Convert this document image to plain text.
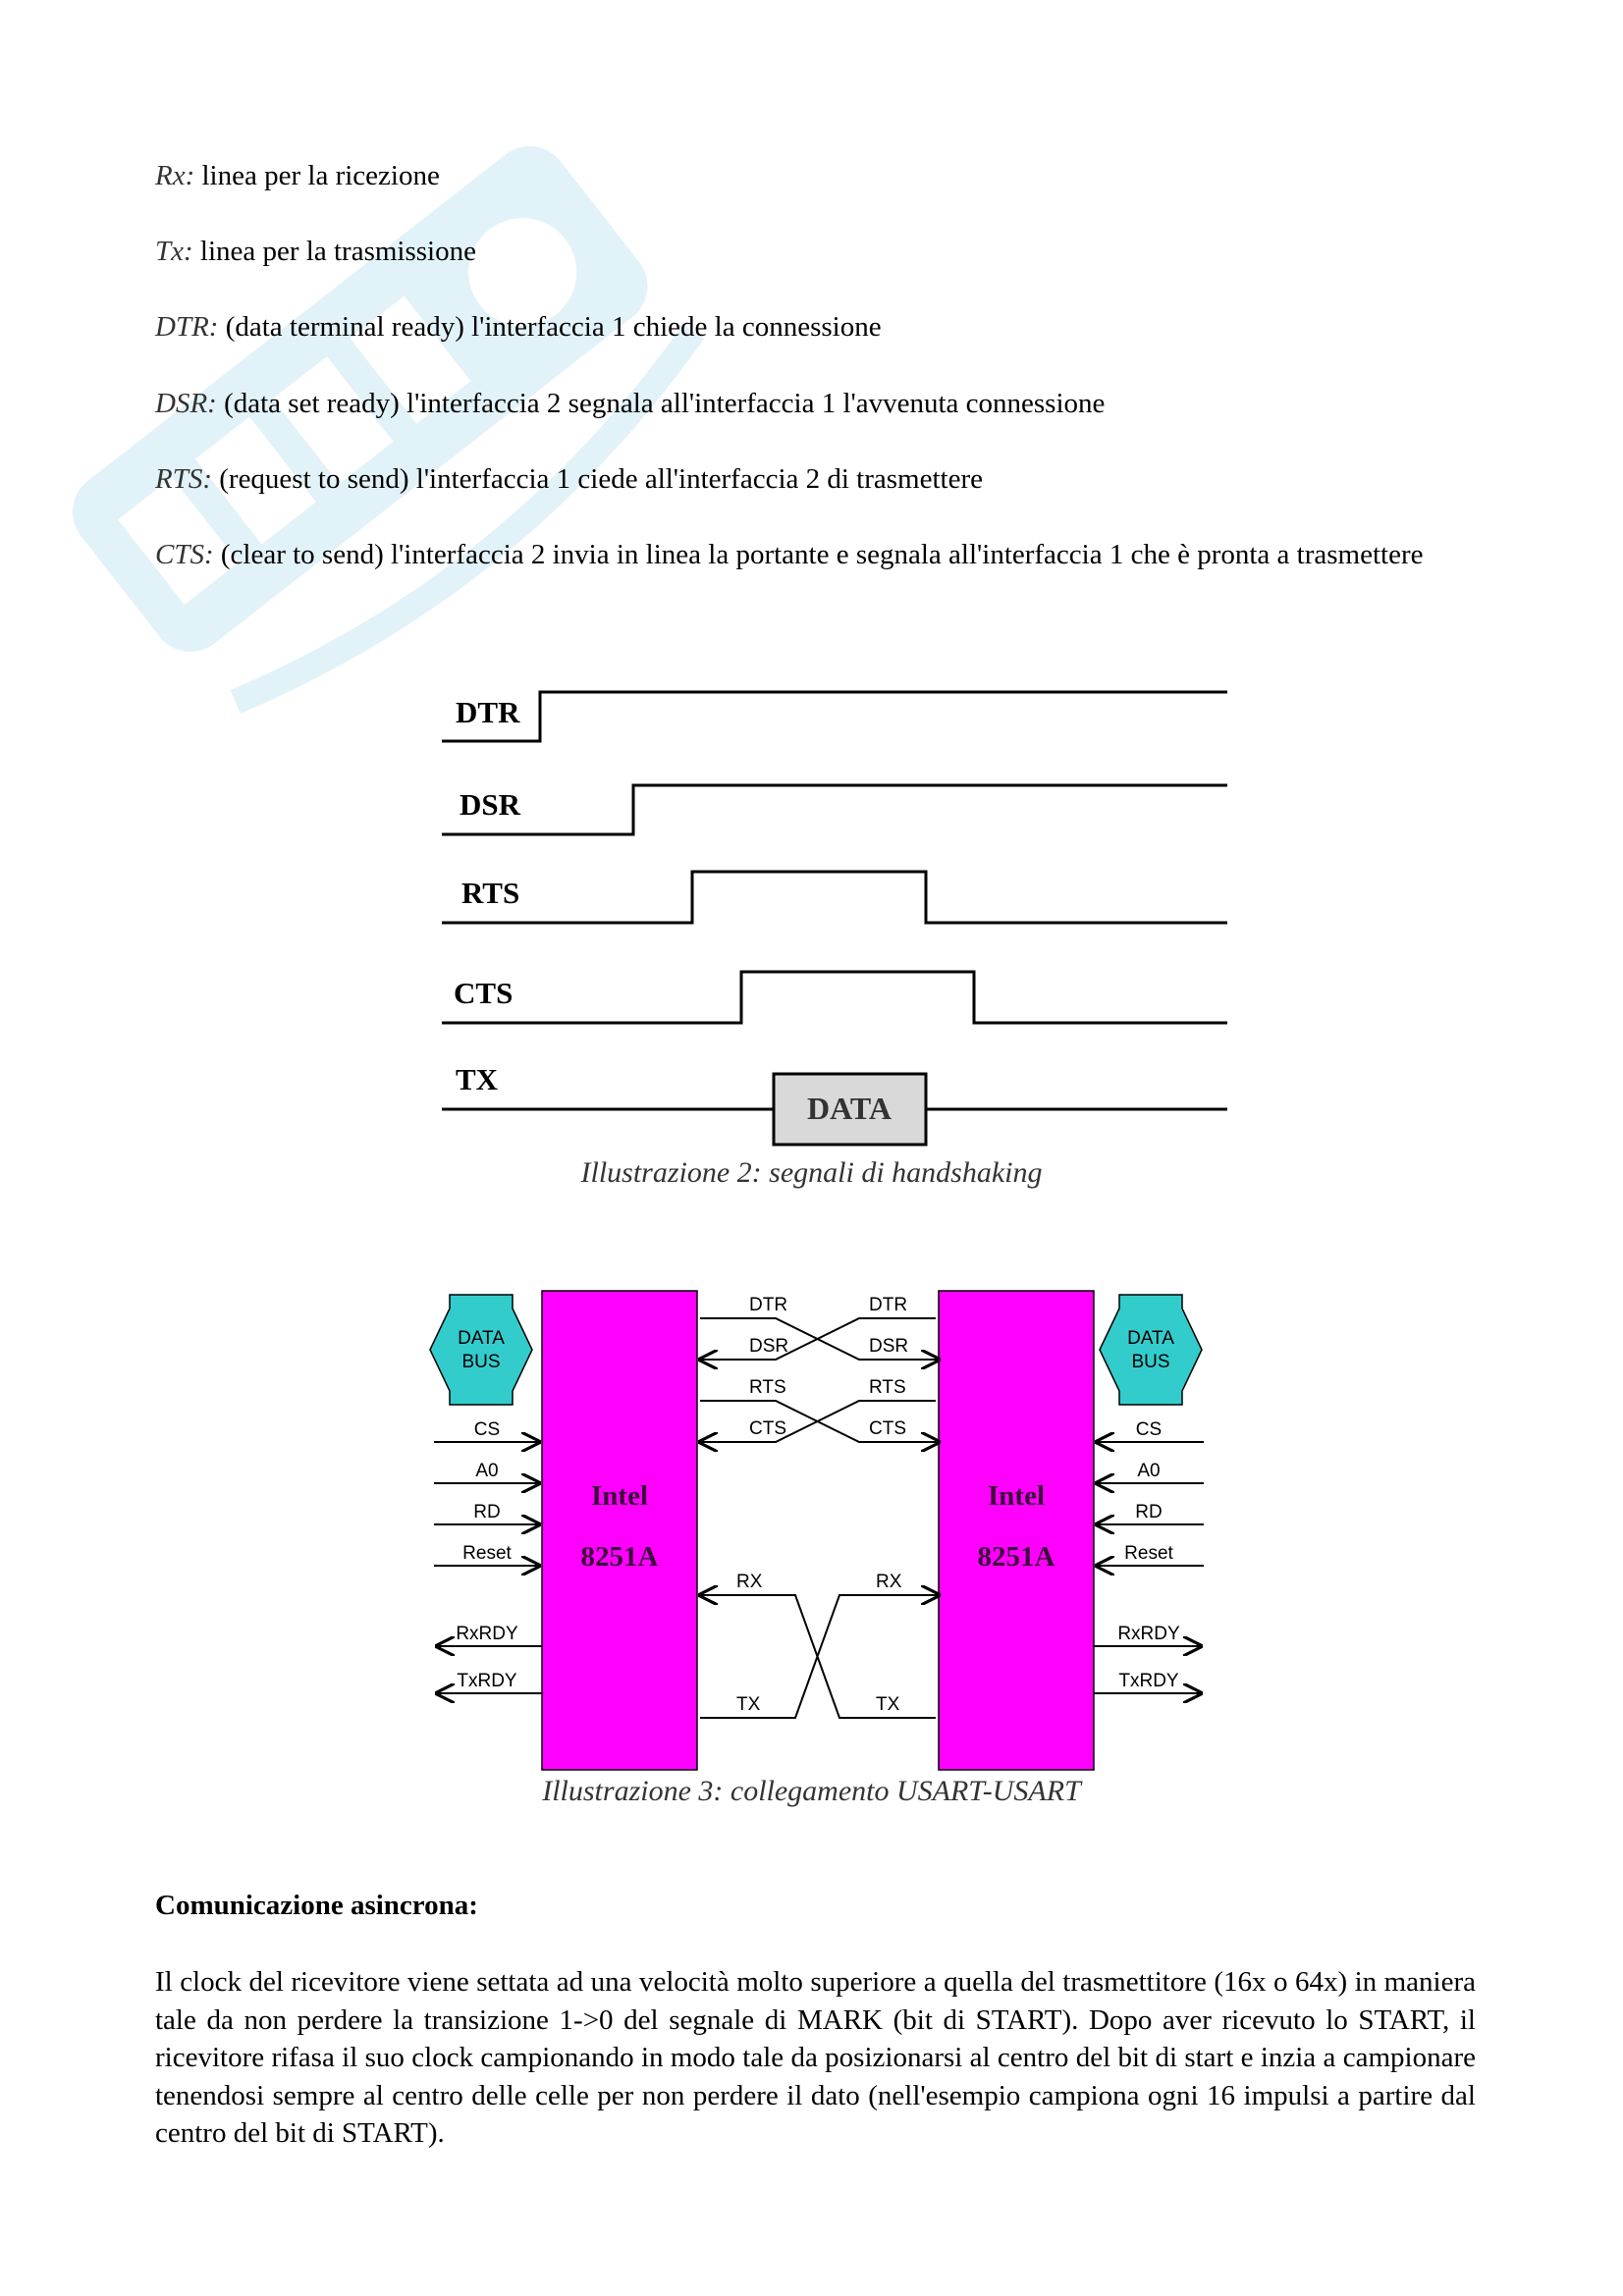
Rx: linea per la ricezione

Tx: linea per la trasmissione

DTR: (data terminal ready) l'interfaccia 1 chiede la connessione

DSR: (data set ready) l'interfaccia 2 segnala all'interfaccia 1 l'avvenuta connessione

RTS: (request to send) l'interfaccia 1 ciede all'interfaccia 2 di trasmettere

CTS: (clear to send) l'interfaccia 2 invia in linea la portante e segnala all'interfaccia 1 che è pronta a trasmettere

DTR
DSR
RTS
CTS
TX
DATA
Illustrazione 2: segnali di handshaking
DATA
BUS
DATA
BUS
Intel
8251A
Intel
8251A
DTR
DSR
RTS
CTS
DTR
DSR
RTS
CTS
RX
TX
RX
TX
CS
A0
RD
Reset
RxRDY
TxRDY
CS
A0
RD
Reset
RxRDY
TxRDY
Illustrazione 3: collegamento USART-USART
Comunicazione asincrona:

Il clock del ricevitore viene settata ad una velocità molto superiore a quella del trasmettitore (16x o 64x) in maniera tale da non perdere la transizione 1->0 del segnale di MARK (bit di START). Dopo aver ricevuto lo START, il ricevitore rifasa il suo clock campionando in modo tale da posizionarsi al centro del bit di start e inzia a campionare tenendosi sempre al centro delle celle per non perdere il dato (nell'esempio campiona ogni 16 impulsi a partire dal centro del bit di START).
